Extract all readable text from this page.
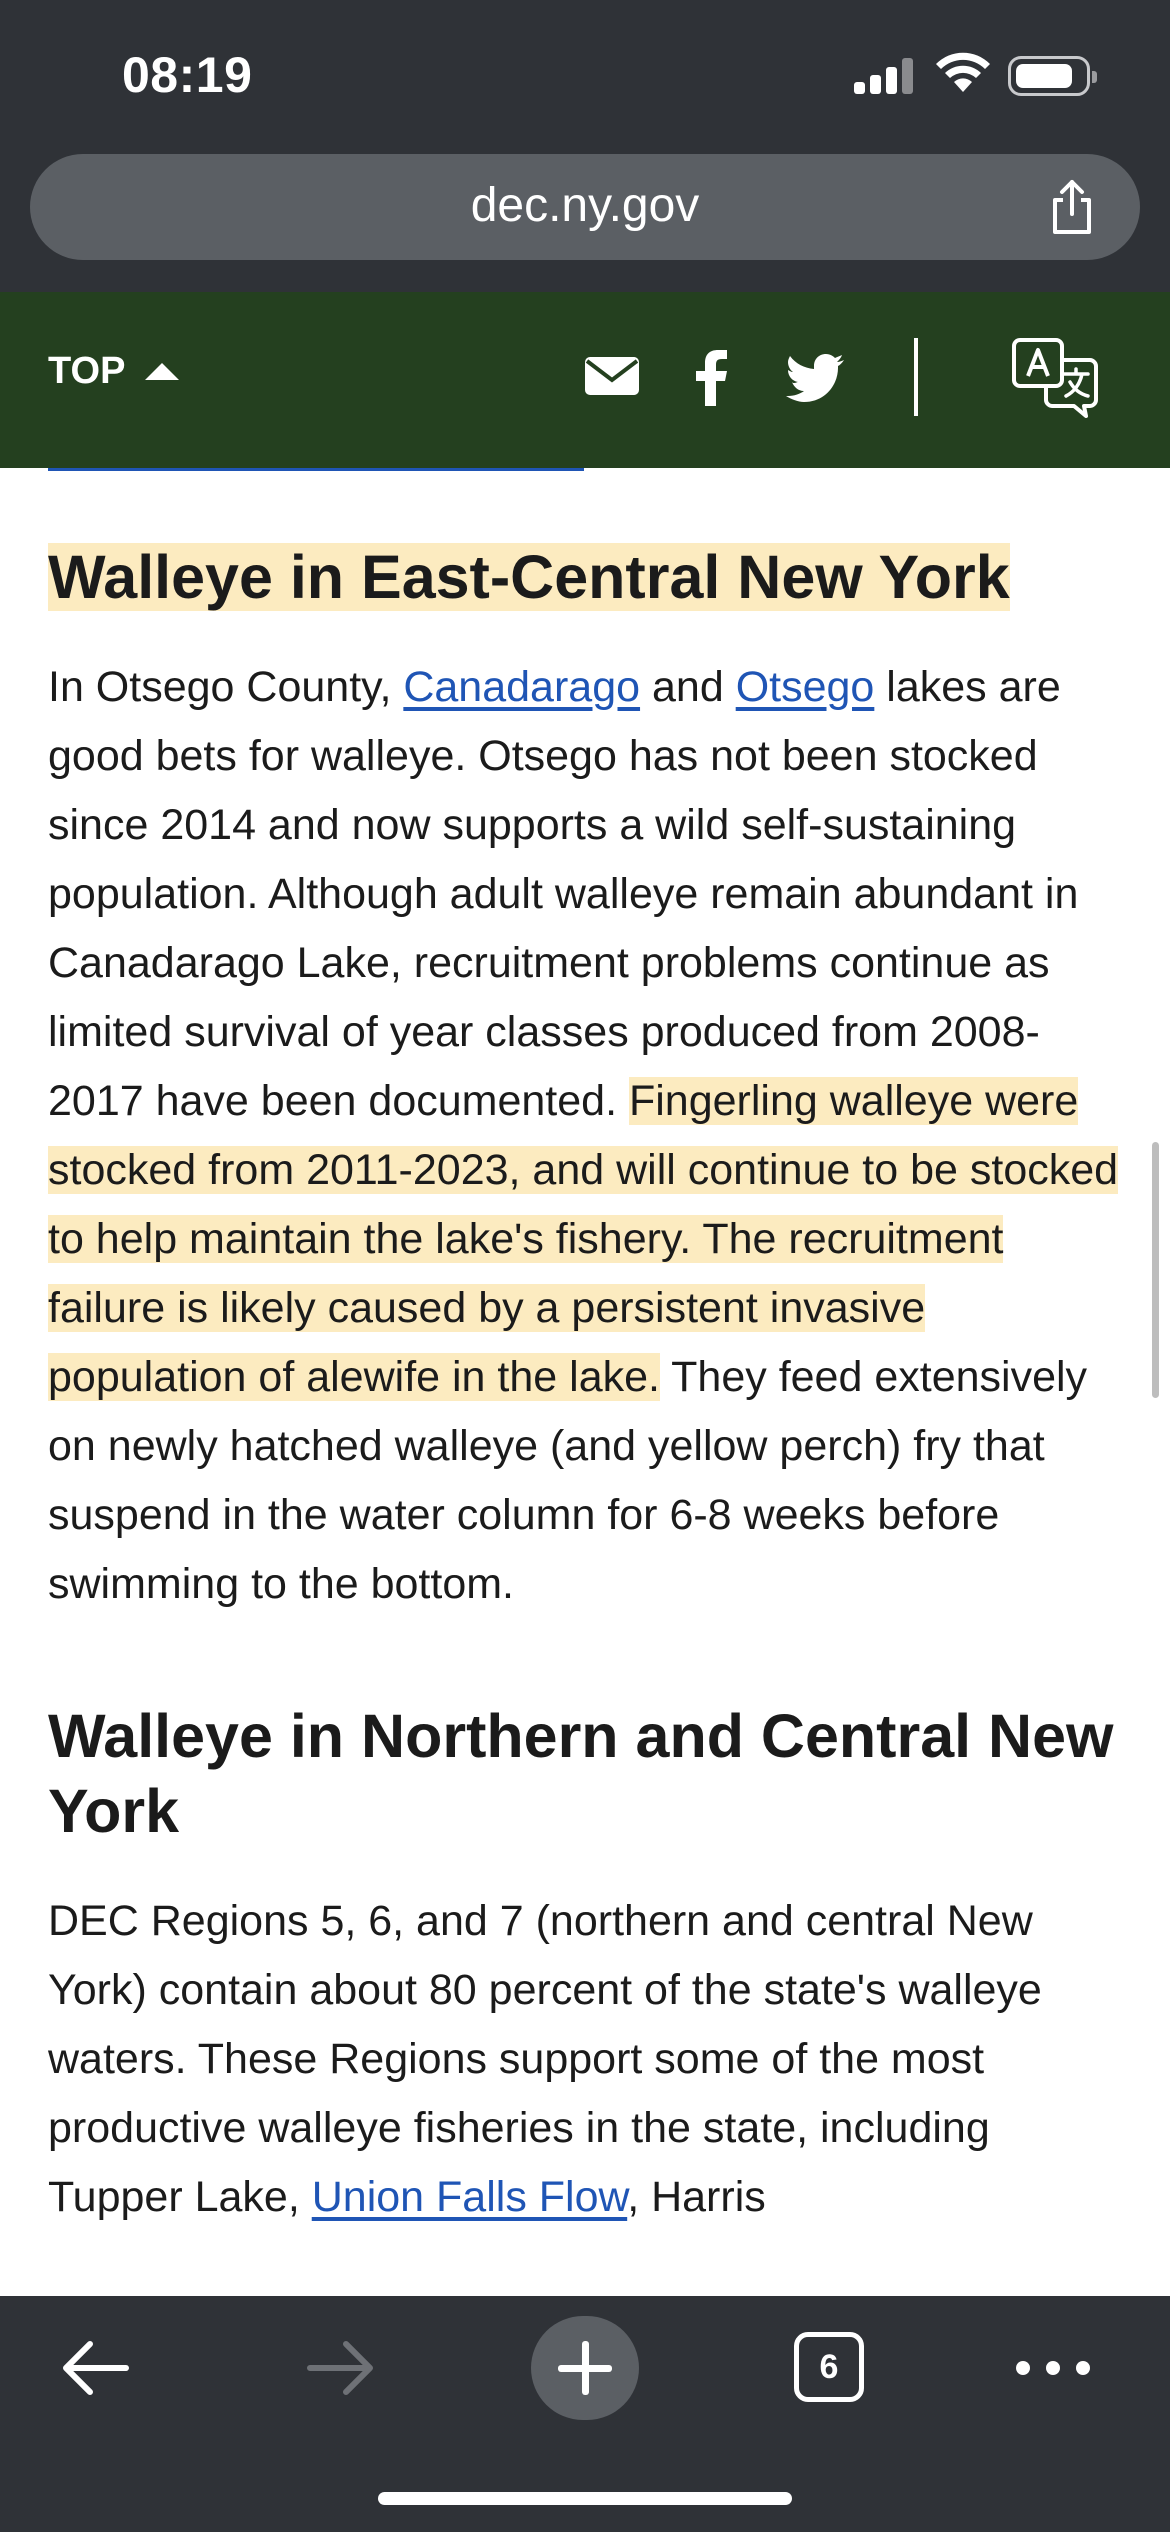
08:19
dec.ny.gov
TOP
Walleye in East-Central New York

In Otsego County, Canadarago and Otsego lakes are good bets for walleye. Otsego has not been stocked since 2014 and now supports a wild self-sustaining population. Although adult walleye remain abundant in Canadarago Lake, recruitment problems continue as limited survival of year classes produced from 2008-2017 have been documented. Fingerling walleye were stocked from 2011-2023, and will continue to be stocked to help maintain the lake's fishery. The recruitment failure is likely caused by a persistent invasive population of alewife in the lake. They feed extensively on newly hatched walleye (and yellow perch) fry that suspend in the water column for 6-8 weeks before swimming to the bottom.

Walleye in Northern and Central New York

DEC Regions 5, 6, and 7 (northern and central New York) contain about 80 percent of the state's walleye waters. These Regions support some of the most productive walleye fisheries in the state, including Tupper Lake, Union Falls Flow, Harris

6
